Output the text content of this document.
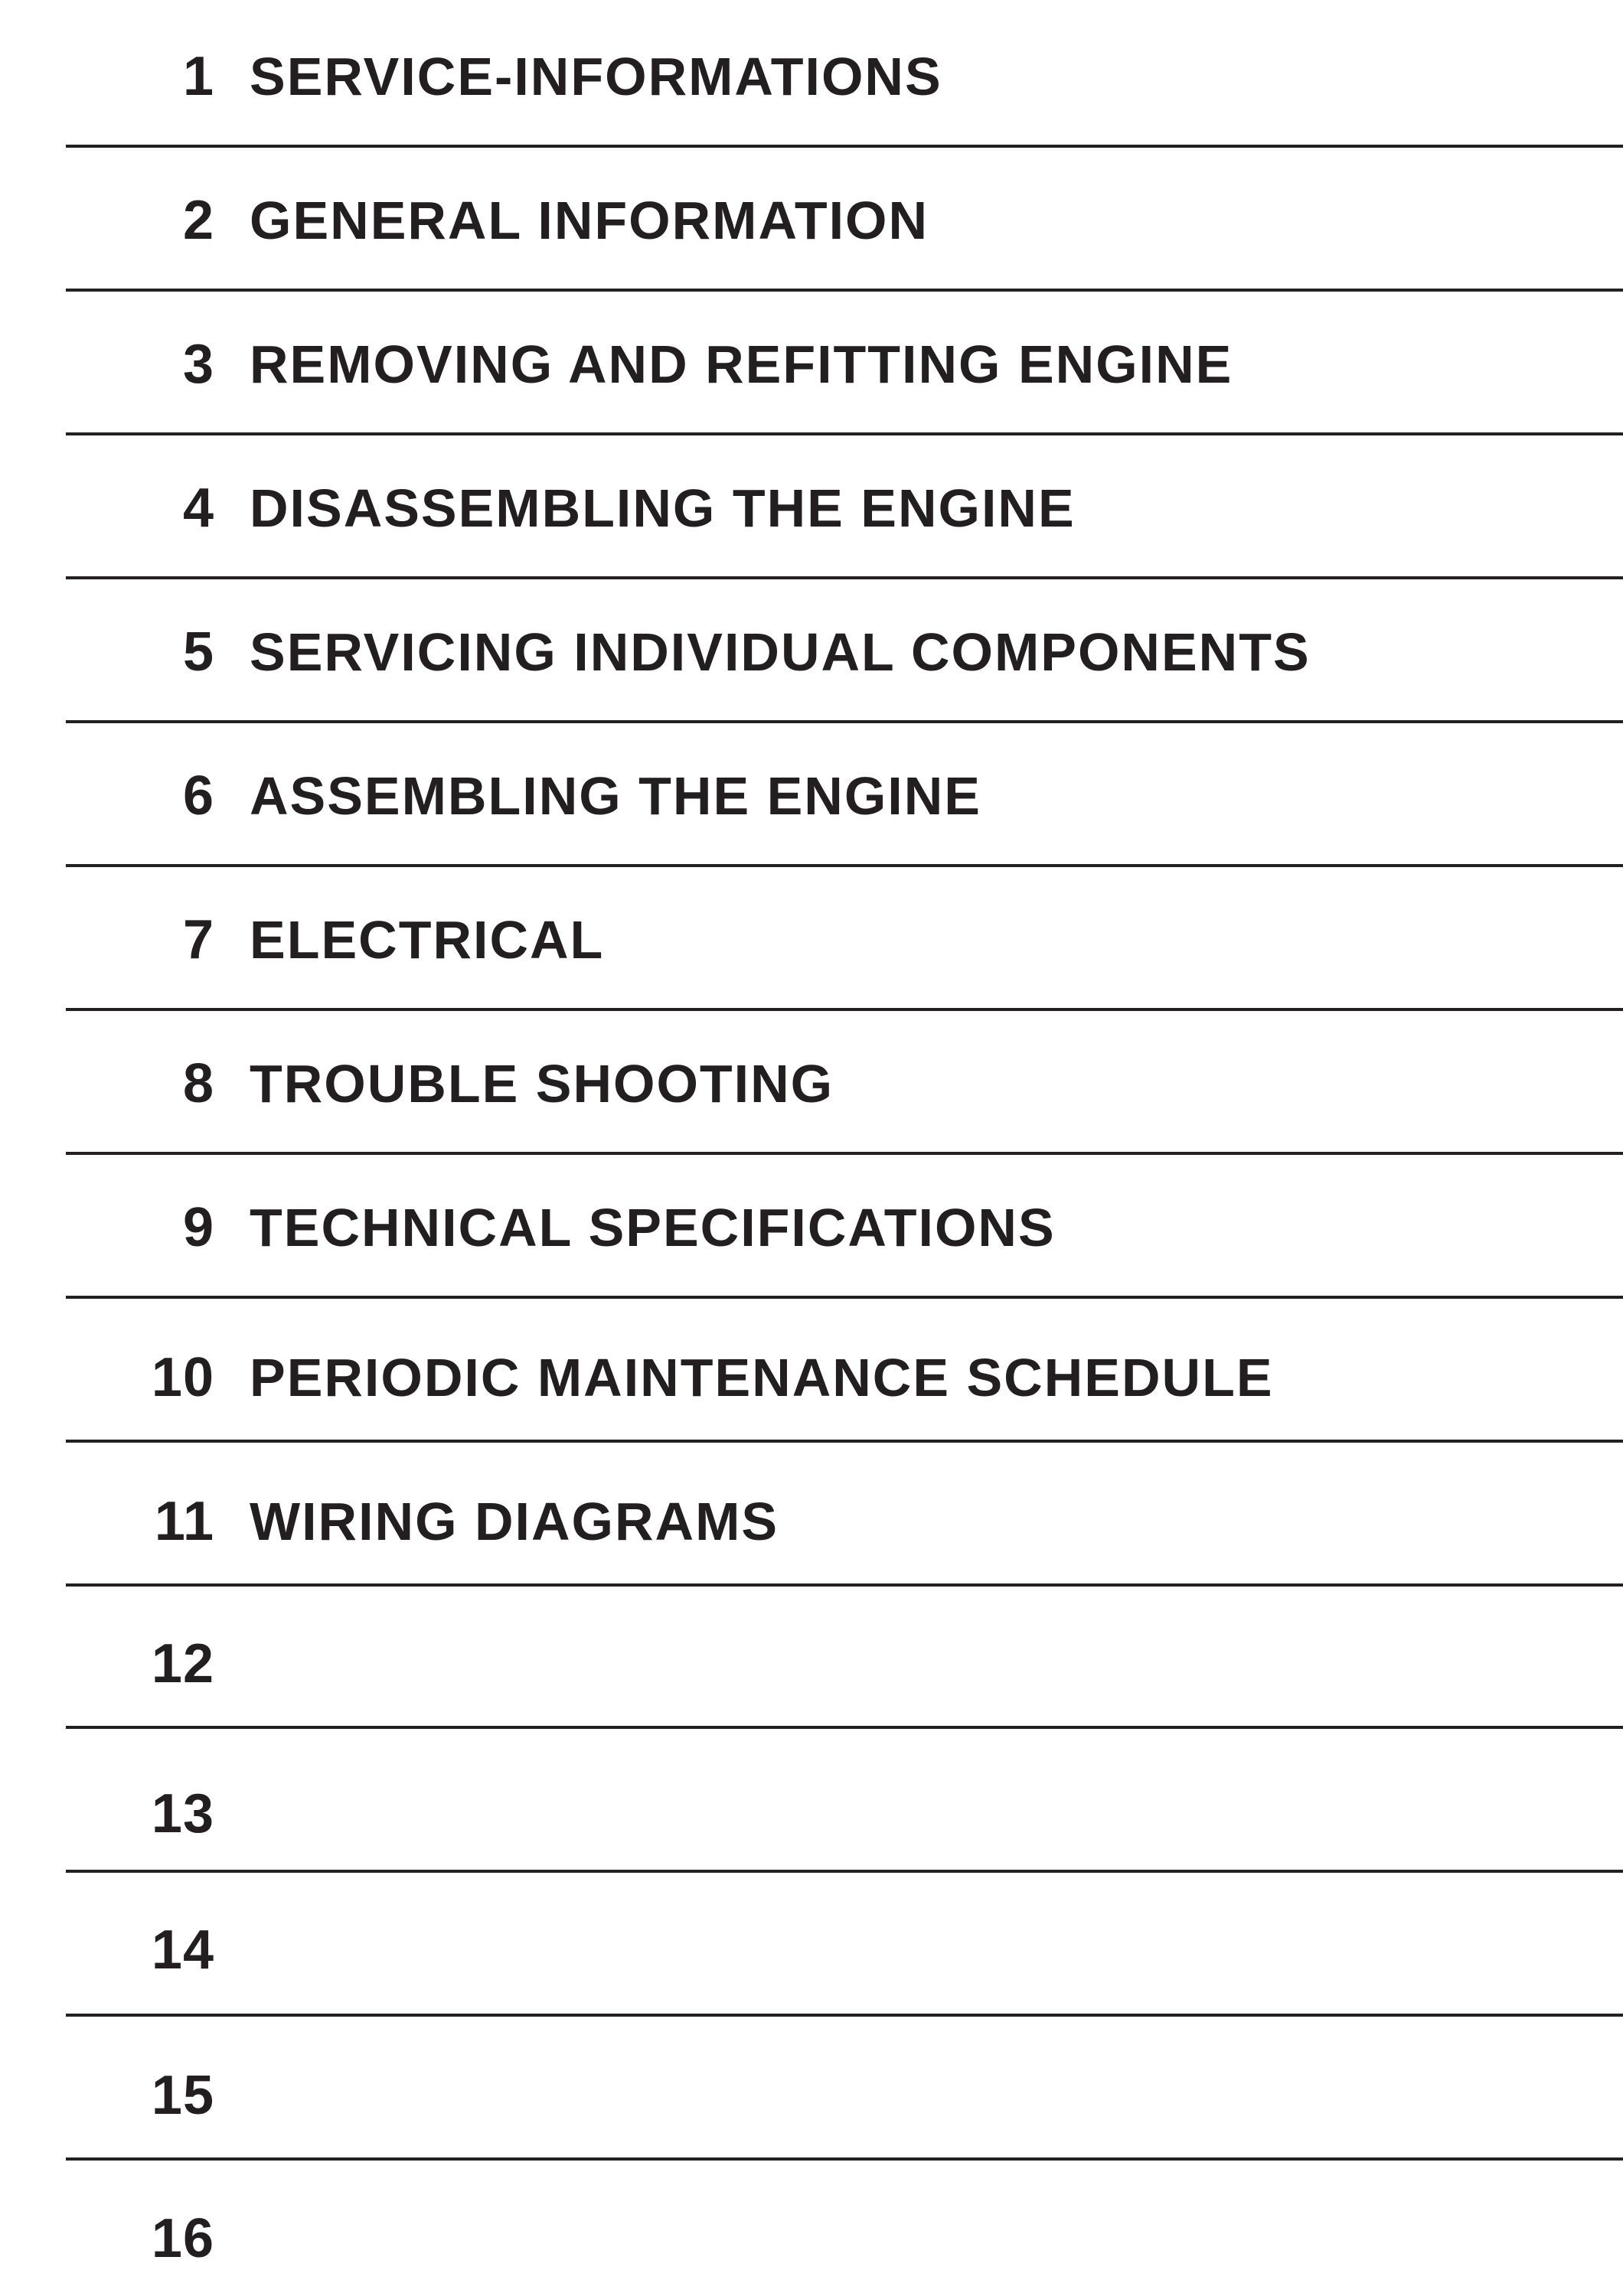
1 SERVICE-INFORMATIONS
2 GENERAL INFORMATION
3 REMOVING AND REFITTING ENGINE
4 DISASSEMBLING THE ENGINE
5 SERVICING INDIVIDUAL COMPONENTS
6 ASSEMBLING THE ENGINE
7 ELECTRICAL
8 TROUBLE SHOOTING
9 TECHNICAL SPECIFICATIONS
10 PERIODIC MAINTENANCE SCHEDULE
11 WIRING DIAGRAMS
12
13
14
15
16
